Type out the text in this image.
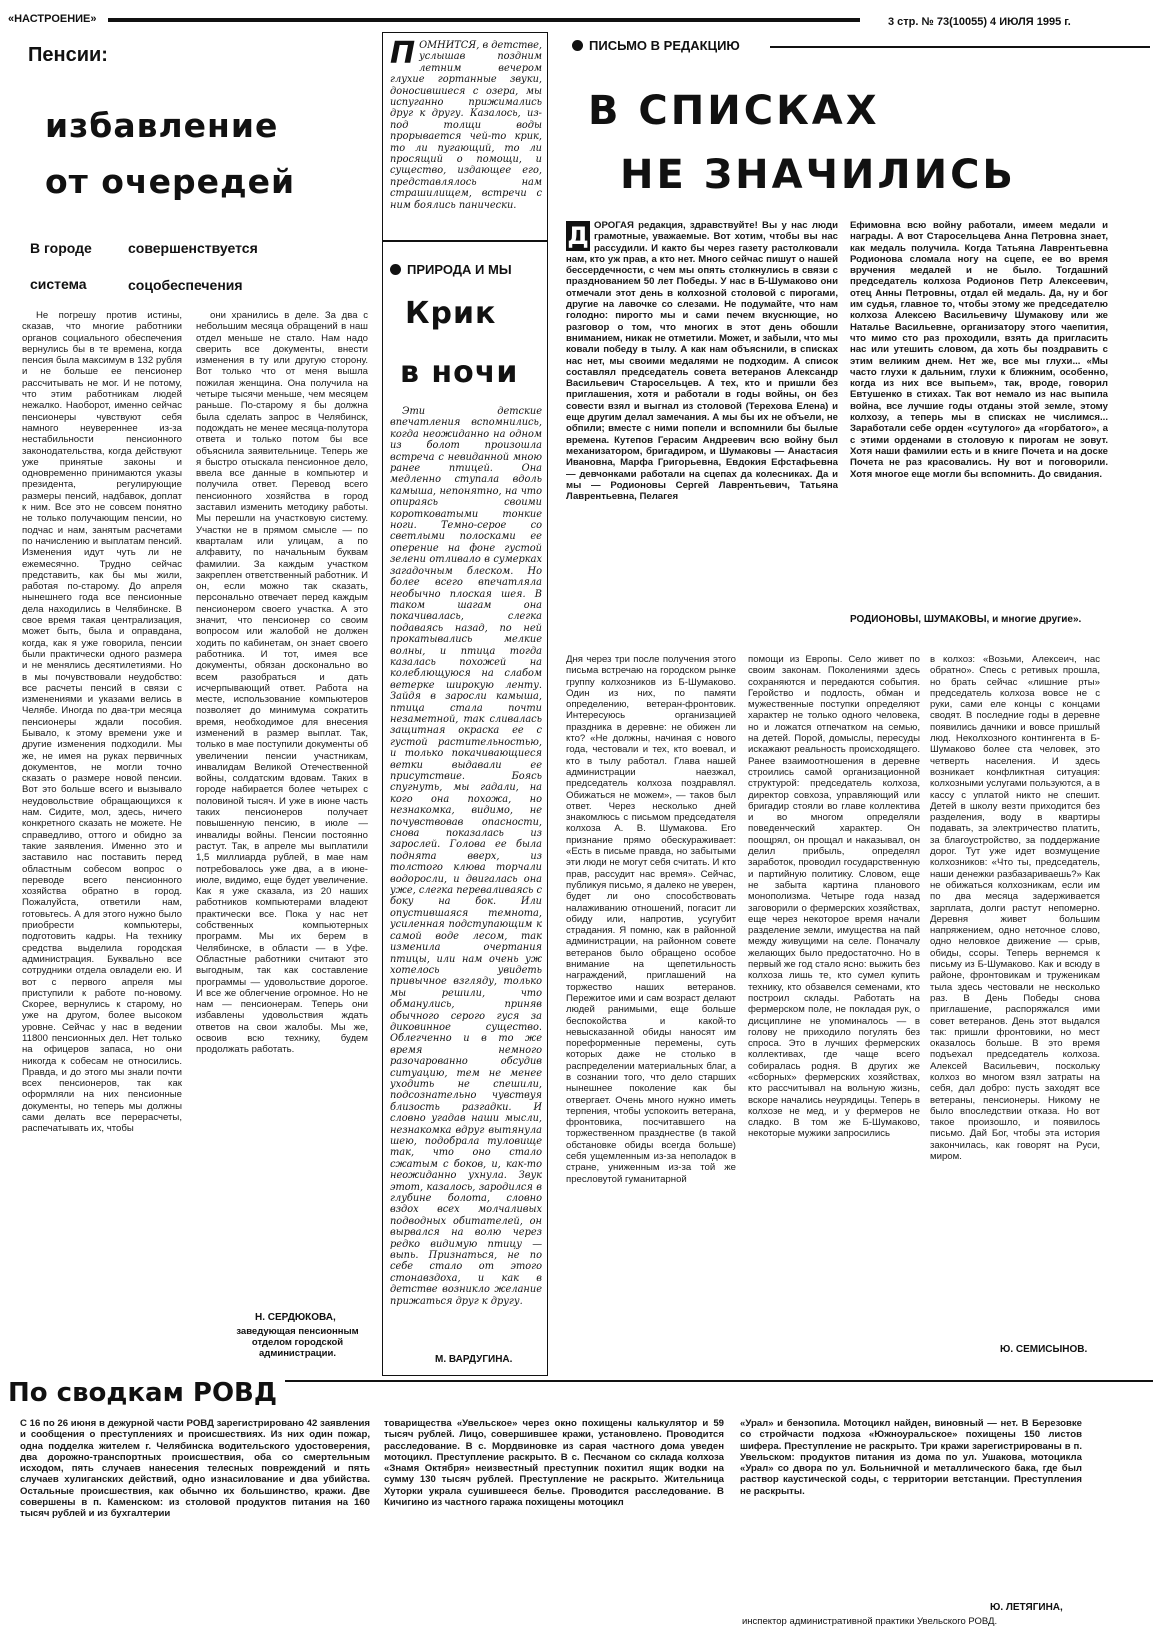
«НАСТРОЕНИЕ»	3 стр. № 73(10055) 4 ИЮЛЯ 1995 г.
Пенсии:
избавление
от очередей
В городе	совершенствуется
система	соцобеспечения
Не погрешу против истины, сказав, что многие работники органов социального обеспечения вернулись бы в те времена, когда пенсия была максимум в 132 рубля и не больше ее пенсионер рассчитывать не мог. И не потому, что этим работникам людей нежалко. Наоборот, именно сейчас пенсионеры чувствуют себя намного неувереннее из-за нестабильности пенсионного законодательства, когда действуют уже принятые законы и одновременно принимаются указы президента, регулирующие размеры пенсий, надбавок, доплат к ним. Все это не совсем понятно не только получающим пенсии, но подчас и нам, занятым расчетами по начислению и выплатам пенсий. Изменения идут чуть ли не ежемесячно. Трудно сейчас представить, как бы мы жили, работая по-старому. До апреля нынешнего года все пенсионные дела находились в Челябинске. В свое время такая централизация, может быть, была и оправдана, когда, как я уже говорила, пенсии были практически одного размера и не менялись десятилетиями. Но в мы почувствовали неудобство: все расчеты пенсий в связи с изменениями и указами велись в Челябе. Иногда по два-три месяца пенсионеры ждали пособия. Бывало, к этому времени уже и другие изменения подходили. Мы же, не имея на руках первичных документов, не могли точно сказать о размере новой пенсии. Вот это больше всего и вызывало неудовольствие обращающихся к нам. Сидите, мол, здесь, ничего конкретного сказать не можете. Не справедливо, оттого и обидно за такие заявления. Именно это и заставило нас поставить перед областным собесом вопрос о переводе всего пенсионного хозяйства обратно в город. Пожалуйста, ответили нам, готовьтесь. А для этого нужно было приобрести компьютеры, подготовить кадры. На технику средства выделила городская администрация. Буквально все сотрудники отдела овладели ею. И вот с первого апреля мы приступили к работе по-новому. Скорее, вернулись к старому, но уже на другом, более высоком уровне. Сейчас у нас в ведении 11800 пенсионных дел. Нет только на офицеров запаса, но они никогда к собесам не относились. Правда, и до этого мы знали почти всех пенсионеров, так как оформляли на них пенсионные документы, но теперь мы должны сами делать все перерасчеты, распечатывать их, чтобы
они хранились в деле. За два с небольшим месяца обращений в наш отдел меньше не стало. Нам надо сверить все документы, внести изменения в ту или другую сторону. Вот только что от меня вышла пожилая женщина. Она получила на четыре тысячи меньше, чем месяцем раньше. По-старому я бы должна была сделать запрос в Челябинск, подождать не менее месяца-полутора ответа и только потом бы все объяснила заявительнице. Теперь же я быстро отыскала пенсионное дело, ввела все данные в компьютер и получила ответ. Перевод всего пенсионного хозяйства в город заставил изменить методику работы. Мы перешли на участковую систему. Участки не в прямом смысле — по кварталам или улицам, а по алфавиту, по начальным буквам фамилии. За каждым участком закреплен ответственный работник. И он, если можно так сказать, персонально отвечает перед каждым пенсионером своего участка. А это значит, что пенсионер со своим вопросом или жалобой не должен ходить по кабинетам, он знает своего работника. И тот, имея все документы, обязан досконально во всем разобраться и дать исчерпывающий ответ. Работа на месте, использование компьютеров позволяет до минимума сократить время, необходимое для внесения изменений в размер выплат. Так, только в мае поступили документы об увеличении пенсии участникам, инвалидам Великой Отечественной войны, солдатским вдовам. Таких в городе набирается более четырех с половиной тысяч. И уже в июне часть таких пенсионеров получает повышенную пенсию, в июле — инвалиды войны. Пенсии постоянно растут. Так, в апреле мы выплатили 1,5 миллиарда рублей, в мае нам потребовалось уже два, а в июне-июле, видимо, еще будет увеличение. Как я уже сказала, из 20 наших работников компьютерами владеют практически все. Пока у нас нет собственных компьютерных программ. Мы их берем в Челябинске, в области — в Уфе. Областные работники считают это выгодным, так как составление программы — удовольствие дорогое. И все же облегчение огромное. Но не нам — пенсионерам. Теперь они избавлены удовольствия ждать ответов на свои жалобы. Мы же, освоив всю технику, будем продолжать работать.
Н. СЕРДЮКОВА,
заведующая пенсионным отделом городской администрации.
ПОМНИТСЯ, в детстве, услышав поздним летним вечером глухие гортанные звуки, доносившиеся с озера, мы испуганно прижимались друг к другу. Казалось, из-под толщи воды прорывается чей-то крик, то ли пугающий, то ли просящий о помощи, и существо, издающее его, представлялось нам страшилищем, встречи с ним боялись панически.
ПРИРОДА И МЫ
Крик
в ночи
Эти детские впечатления вспомнились, когда неожиданно на одном из болот произошла встреча с невиданной мною ранее птицей. Она медленно ступала вдоль камыша, непонятно, на что опираясь своими коротковатыми тонкие ноги. Темно-серое со светлыми полосками ее оперение на фоне густой зелени отливало в сумерках загадочным блеском. Но более всего впечатляла необычно плоская шея. В таком шагам она покачивалась, слегка подаваясь назад, по ней прокатывались мелкие волны, и птица тогда казалась похожей на колеблющуюся на слабом ветерке широкую ленту. Зайдя в заросли камыша, птица стала почти незаметной, так сливалась защитная окраска ее с густой растительностью, и только покачивающиеся ветки выдавали ее присутствие. Боясь спугнуть, мы гадали, на кого она похожа, но незнакомка, видимо, не почувствовав опасности, снова показалась из зарослей. Голова ее была поднята вверх, из толстого клюва торчали водоросли, и двигалась она уже, слегка переваливаясь с боку на бок. Или опустившаяся темнота, усиленная подступающим к самой воде лесом, так изменила очертания птицы, или нам очень уж хотелось увидеть привычное взгляду, только мы решили, что обманулись, приняв обычного серого гуся за диковинное существо. Облегченно и в то же время немного разочарованно обсудив ситуацию, тем не менее уходить не спешили, подсознательно чувствуя близость разгадки. И словно угадав наши мысли, незнакомка вдруг вытянула шею, подобрала туловище так, что оно стало сжатым с боков, и, как-то неожиданно ухнула. Звук этот, казалось, зародился в глубине болота, словно вздох всех молчаливых подводных обитателей, он вырвался на волю через редко видимую птицу — выпь. Признаться, не по себе стало от этого стонавздоха, и как в детстве возникло желание прижаться друг к другу.
М. ВАРДУГИНА.
ПИСЬМО В РЕДАКЦИЮ
В СПИСКАХ
НЕ ЗНАЧИЛИСЬ
Д ОРОГАЯ редакция, здравствуйте! Вы у нас люди грамотные, уважаемые. Вот хотим, чтобы вы нас рассудили. И както бы через газету растолковали нам, кто уж прав, а кто нет. Много сейчас пишут о нашей бессердечности, с чем мы опять столкнулись в связи с празднованием 50 лет Победы. У нас в Б-Шумаково они отмечали этот день в колхозной столовой с пирогами, другие на лавочке со слезами. Не подумайте, что нам голодно: пирогто мы и сами печем вкуснющие, но разговор о том, что многих в этот день обошли вниманием, никак не отметили. Может, и забыли, что мы ковали победу в тылу. А как нам объяснили, в списках нас нет, мы своими медалями не подходим. А список составлял председатель совета ветеранов Александр Васильевич Старосельцев. А тех, кто и пришли без приглашения, хотя и работали в годы войны, он без совести взял и выгнал из столовой (Терехова Елена) и еще другим делал замечания. А мы бы их не объели, не обпили; вместе с ними попели и вспомнили бы былые времена. Кутепов Герасим Андреевич всю войну был механизатором, бригадиром, и Шумаковы — Анастасия Ивановна, Марфа Григорьевна, Евдокия Ефстафьевна — девчонками работали на сцепах да колесниках. Да и мы — Родионовы Сергей Лаврентьевич, Татьяна Лаврентьевна, Пелагея
Ефимовна всю войну работали, имеем медали и награды. А вот Старосельцева Анна Петровна знает, как медаль получила. Когда Татьяна Лаврентьевна Родионова сломала ногу на сцепе, ее во время вручения медалей и не было. Тогдашний председатель колхоза Родионов Петр Алексеевич, отец Анны Петровны, отдал ей медаль. Да, ну и бог им судья, главное то, чтобы этому же председателю колхоза Алексею Васильевичу Шумакову или же Наталье Васильевне, организатору этого чаепития, что мимо сто раз проходили, взять да пригласить нас или утешить словом, да хоть бы поздравить с этим великим днем. Нет же, все мы глухи... «Мы часто глухи к дальним, глухи к ближним, особенно, когда из них все выпьем», так, вроде, говорил Евтушенко в стихах. Так вот немало из нас выпила война, все лучшие годы отданы этой земле, этому колхозу, а теперь мы в списках не числимся... Заработали себе орден «сутулого» да «горбатого», а с этими орденами в столовую к пирогам не зовут. Хотя наши фамилии есть и в книге Почета и на доске Почета не раз красовались. Ну вот и поговорили. Хотя многое еще могли бы вспомнить. До свидания.
РОДИОНОВЫ, ШУМАКОВЫ, и многие другие».
Дня через три после получения этого письма встречаю на городском рынке группу колхозников из Б-Шумаково. Один из них, по памяти определению, ветеран-фронтовик. Интересуюсь организацией праздника в деревне: не обижен ли кто? «Не должны, начиная с нового года, честовали и тех, кто воевал, и кто в тылу работал. Глава нашей администрации наезжал, председатель колхоза поздравлял. Обижаться не можем», — таков был ответ. Через несколько дней знакомлюсь с письмом председателя колхоза А. В. Шумакова. Его признание прямо обескураживает: «Есть в письме правда, но забытыми эти люди не могут себя считать. И кто прав, рассудит нас время». Сейчас, публикуя письмо, я далеко не уверен, будет ли оно способствовать налаживанию отношений, погасит ли обиду или, напротив, усугубит страдания. Я помню, как в районной администрации, на районном совете ветеранов было обращено особое внимание на щепетильность награждений, приглашений на торжество наших ветеранов. Пережитое ими и сам возраст делают людей ранимыми, еще больше беспокойства и какой-то невысказанной обиды наносят им пореформенные перемены, суть которых даже не столько в распределении материальных благ, а в сознании того, что дело старших нынешнее поколение как бы отвергает. Очень много нужно иметь терпения, чтобы успокоить ветерана, фронтовика, посчитавшего на торжественном празднестве (в такой обстановке обиды всегда больше) себя ущемленным из-за неполадок в стране, униженным из-за той же пресловутой гуманитарной
помощи из Европы. Село живет по своим законам. Поколениями здесь сохраняются и передаются события. Геройство и подлость, обман и мужественные поступки определяют характер не только одного человека, но и ложатся отпечатком на семью, на детей. Порой, домыслы, пересуды искажают реальность происходящего. Ранее взаимоотношения в деревне строились самой организационной структурой: председатель колхоза, директор совхоза, управляющий или бригадир стояли во главе коллектива и во многом определяли поведенческий характер. Он поощрял, он прощал и наказывал, он делил прибыль, определял заработок, проводил государственную и партийную политику. Словом, еще не забыта картина планового монополизма. Четыре года назад заговорили о фермерских хозяйствах, еще через некоторое время начали разделение земли, имущества на пай между живущими на селе. Поначалу желающих было предостаточно. Но в первый же год стало ясно: выжить без колхоза лишь те, кто сумел купить технику, кто обзавелся семенами, кто построил склады. Работать на фермерском поле, не покладая рук, о дисциплине не упоминалось — в голову не приходило погулять без спроса. Это в лучших фермерских коллективах, где чаще всего собиралась родня. В других же «сборных» фермерских хозяйствах, кто рассчитывал на вольную жизнь, вскоре начались неурядицы. Теперь в колхозе не мед, и у фермеров не сладко. В том же Б-Шумаково, некоторые мужики запросились
в колхоз: «Возьми, Алексеич, нас обратно». Спесь с ретивых прошла, но брать сейчас «лишние рты» председатель колхоза вовсе не с руки, сами еле концы с концами сводят. В последние годы в деревне появились дачники и вовсе пришлый люд. Неколхозного контингента в Б-Шумаково более ста человек, это четверть населения. И здесь возникает конфликтная ситуация: колхозными услугами пользуются, а в кассу с уплатой никто не спешит. Детей в школу везти приходится без разделения, воду в квартиры подавать, за электричество платить, за благоустройство, за поддержание дорог. Тут уже идет возмущение колхозников: «Что ты, председатель, наши денежки разбазариваешь?» Как не обижаться колхозникам, если им по два месяца задерживается зарплата, долги растут непомерно. Деревня живет большим напряжением, одно неточное слово, одно неловкое движение — срыв, обиды, ссоры. Теперь вернемся к письму из Б-Шумаково. Как и всюду в районе, фронтовикам и труженикам тыла здесь честовали не несколько раз. В День Победы снова приглашение, распоряжался ими совет ветеранов. День этот выдался так: пришли фронтовики, но мест оказалось больше. В это время подъехал председатель колхоза. Алексей Васильевич, поскольку колхоз во многом взял затраты на себя, дал добро: пусть заходят все ветераны, пенсионеры. Никому не было впоследствии отказа. Но вот такое произошло, и появилось письмо. Дай Бог, чтобы эта история закончилась, как говорят на Руси, миром.
Ю. СЕМИСЫНОВ.
По сводкам РОВД
С 16 по 26 июня в дежурной части РОВД зарегистрировано 42 заявления и сообщения о преступлениях и происшествиях. Из них один пожар, одна подделка жителем г. Челябинска водительского удостоверения, два дорожно-транспортных происшествия, оба со смертельным исходом, пять случаев нанесения телесных повреждений и пять случаев хулиганских действий, одно изнасилование и два убийства. Остальные происшествия, как обычно их большинство, кражи. Две совершены в п. Каменском: из столовой продуктов питания на 160 тысяч рублей и из бухгалтерии
товарищества «Увельское» через окно похищены калькулятор и 59 тысяч рублей. Лицо, совершившее кражи, установлено. Проводится расследование. В с. Мордвиновке из сарая частного дома уведен мотоцикл. Преступление раскрыто. В с. Песчаном со склада колхоза «Знамя Октября» неизвестный преступник похитил ящик водки на сумму 130 тысяч рублей. Преступление не раскрыто. Жительница Хуторки украла сушившееся белье. Проводится расследование. В Кичигино из частного гаража похищены мотоцикл
«Урал» и бензопила. Мотоцикл найден, виновный — нет. В Березовке со стройчасти подхоза «Южноуральское» похищены 150 листов шифера. Преступление не раскрыто. Три кражи зарегистрированы в п. Увельском: продуктов питания из дома по ул. Ушакова, мотоцикла «Урал» со двора по ул. Больничной и металлического бака, где был раствор каустической соды, с территории ветстанции. Преступления не раскрыты.
Ю. ЛЕТЯГИНА,
инспектор административной практики Увельского РОВД.
